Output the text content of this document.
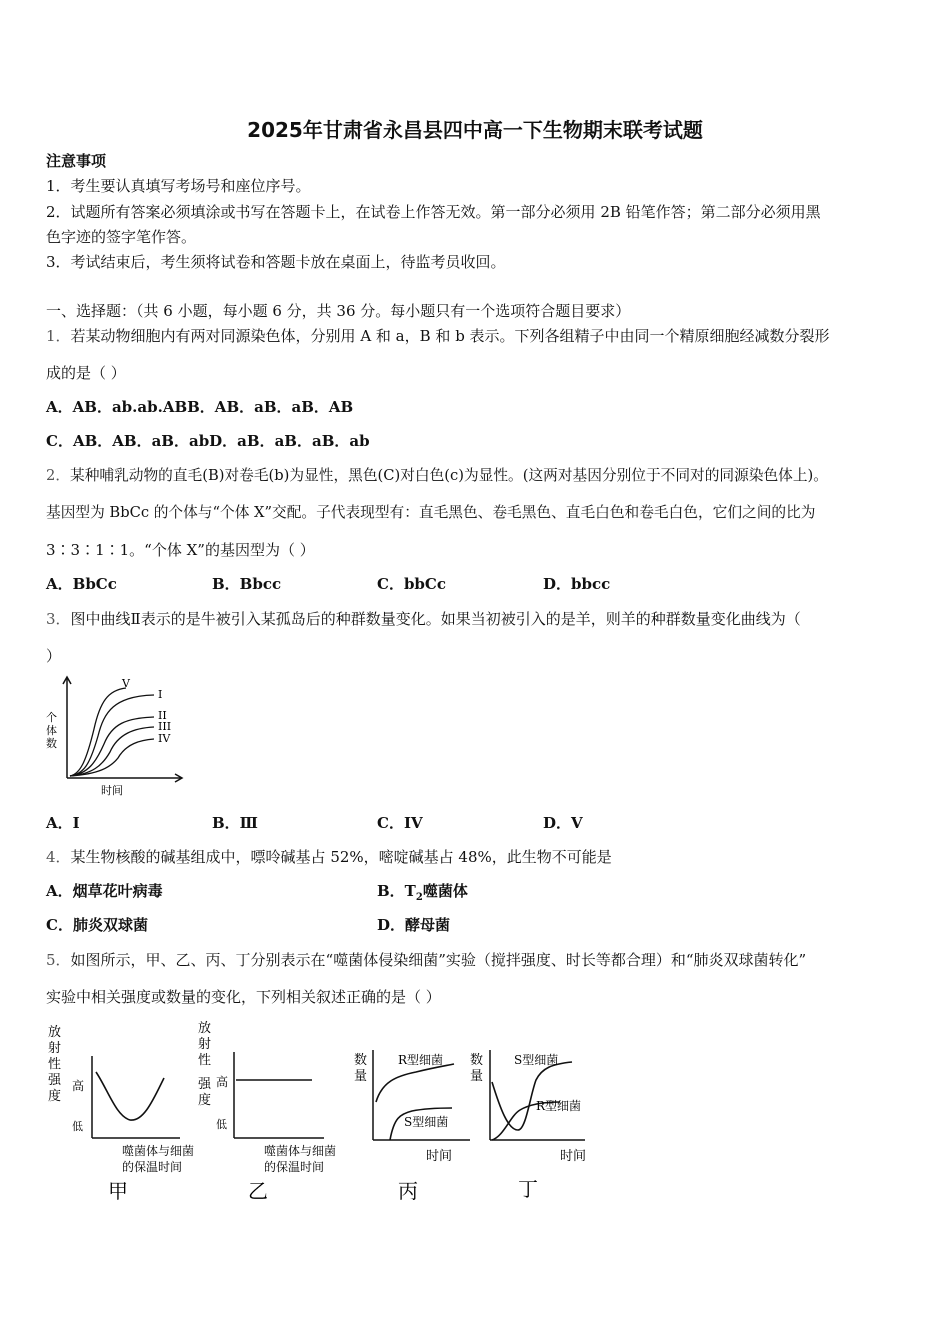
2025年甘肃省永昌县四中高一下生物期末联考试题
注意事项
1．考生要认真填写考场号和座位序号。
2．试题所有答案必须填涂或书写在答题卡上，在试卷上作答无效。第一部分必须用 2B 铅笔作答；第二部分必须用黑
色字迹的签字笔作答。
3．考试结束后，考生须将试卷和答题卡放在桌面上，待监考员收回。
一、选择题：（共 6 小题，每小题 6 分，共 36 分。每小题只有一个选项符合题目要求）
1．若某动物细胞内有两对同源染色体，分别用 A 和 a，B 和 b 表示。下列各组精子中由同一个精原细胞经减数分裂形
成的是（ ）
A．AB．ab.ab.ABB．AB．aB．aB．AB
C．AB．AB．aB．abD．aB．aB．aB．ab
2．某种哺乳动物的直毛(B)对卷毛(b)为显性，黑色(C)对白色(c)为显性。(这两对基因分别位于不同对的同源染色体上)。
基因型为 BbCc 的个体与“个体 X”交配。子代表现型有：直毛黑色、卷毛黑色、直毛白色和卷毛白色，它们之间的比为
3∶3∶1∶1。“个体 X”的基因型为（ ）
A．BbCc	B．Bbcc	C．bbCc	D．bbcc
3．图中曲线Ⅱ表示的是牛被引入某孤岛后的种群数量变化。如果当初被引入的是羊，则羊的种群数量变化曲线为（
）
个
体
数
时间
V
I
II
III
IV
A．I	B．Ⅲ	C．IV	D．V
4．某生物核酸的碱基组成中，嘌呤碱基占 52%，嘧啶碱基占 48%，此生物不可能是
A．烟草花叶病毒	B．$T_2$噬菌体
C．肺炎双球菌	D．酵母菌
5．如图所示，甲、乙、丙、丁分别表示在“噬菌体侵染细菌”实验（搅拌强度、时长等都合理）和“肺炎双球菌转化”
实验中相关强度或数量的变化，下列相关叙述正确的是（ ）
放
射
性
强
度
高
低
噬菌体与细菌
的保温时间
甲
放
射
性
强
度
高
低
噬菌体与细菌
的保温时间
乙
数
量
R型细菌
S型细菌
时间
丙
数
量
S型细菌
R型细菌
时间
丁
